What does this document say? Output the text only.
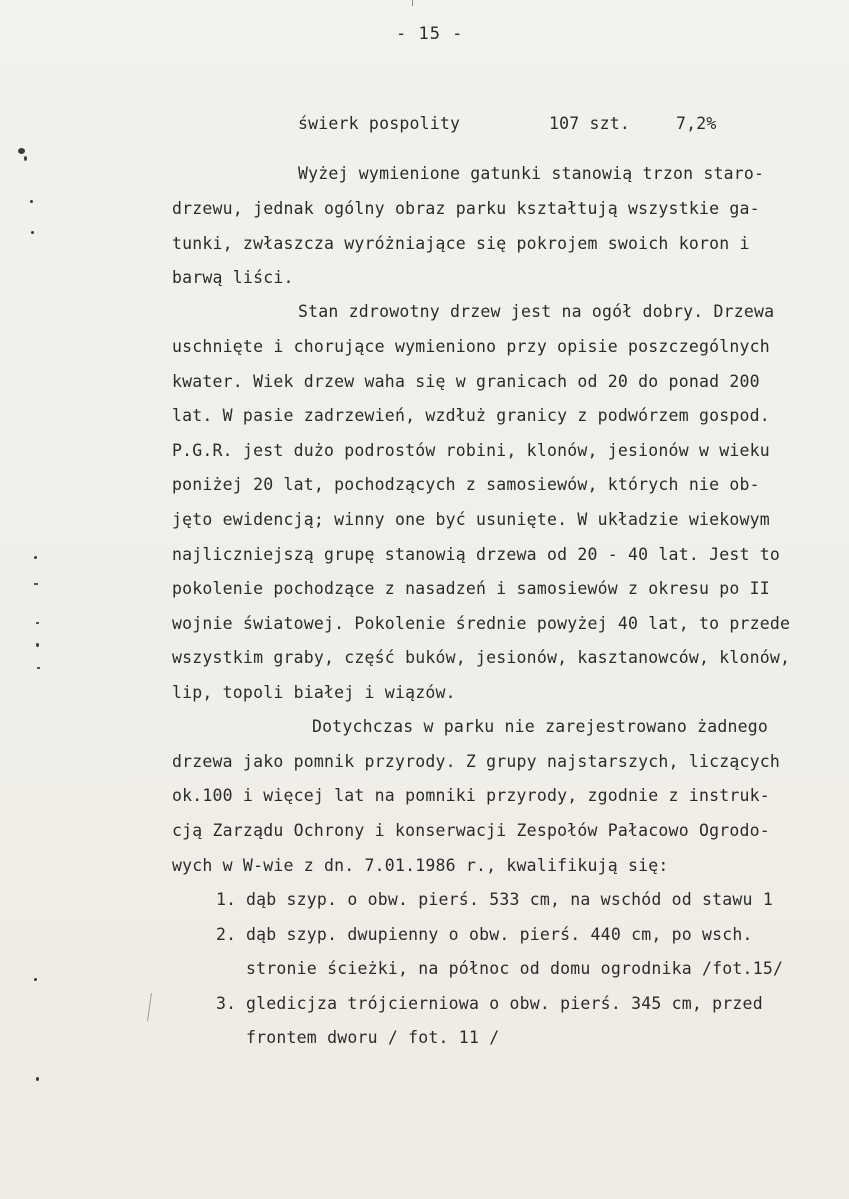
- 15 -
świerk pospolity	107 szt.	7,2%
Wyżej wymienione gatunki stanowią trzon staro-
drzewu, jednak ogólny obraz parku kształtują wszystkie ga-
tunki, zwłaszcza wyróżniające się pokrojem swoich koron i
barwą liści.
Stan zdrowotny drzew jest na ogół dobry. Drzewa
uschnięte i chorujące wymieniono przy opisie poszczególnych
kwater. Wiek drzew waha się w granicach od 20 do ponad 200
lat. W pasie zadrzewień, wzdłuż granicy z podwórzem gospod.
P.G.R. jest dużo podrostów robini, klonów, jesionów w wieku
poniżej 20 lat, pochodzących z samosiewów, których nie ob-
jęto ewidencją; winny one być usunięte. W układzie wiekowym
najliczniejszą grupę stanowią drzewa od 20 - 40 lat. Jest to
pokolenie pochodzące z nasadzeń i samosiewów z okresu po II
wojnie światowej. Pokolenie średnie powyżej 40 lat, to przede
wszystkim graby, część buków, jesionów, kasztanowców, klonów,
lip, topoli białej i wiązów.
Dotychczas w parku nie zarejestrowano żadnego
drzewa jako pomnik przyrody. Z grupy najstarszych, liczących
ok.100 i więcej lat na pomniki przyrody, zgodnie z instruk-
cją Zarządu Ochrony i konserwacji Zespołów Pałacowo Ogrodo-
wych w W-wie z dn. 7.01.1986 r., kwalifikują się:
1. dąb szyp. o obw. pierś. 533 cm, na wschód od stawu 1
2. dąb szyp. dwupienny o obw. pierś. 440 cm, po wsch.
stronie ścieżki, na północ od domu ogrodnika /fot.15/
3. gledicjza trójcierniowa o obw. pierś. 345 cm, przed
frontem dworu / fot. 11 /
